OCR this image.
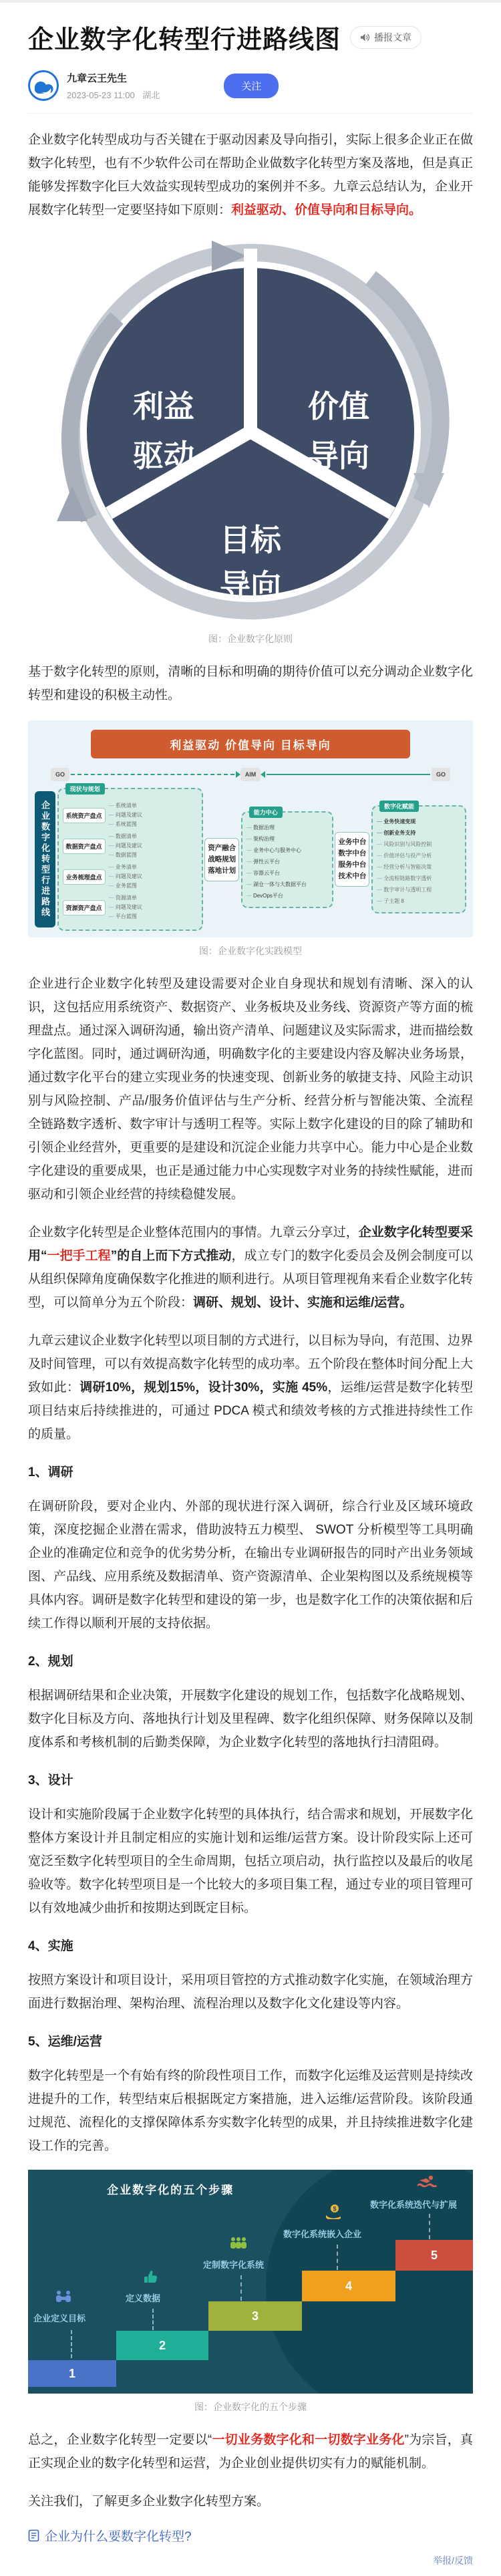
企业数字化转型行进路线图	播报文章
九章云王先生
2023-05-23 11:00 湖北
关注

企业数字化转型成功与否关键在于驱动因素及导向指引，实际上很多企业正在做数字化转型，也有不少软件公司在帮助企业做数字化转型方案及落地，但是真正能够发挥数字化巨大效益实现转型成功的案例并不多。九章云总结认为，企业开展数字化转型一定要坚持如下原则：利益驱动、价值导向和目标导向。

利益
驱动
价值
导向
目标
导向
图：企业数字化原则

基于数字化转型的原则，清晰的目标和明确的期待价值可以充分调动企业数字化转型和建设的积极主动性。

利益驱动 价值导向 目标导向
GO	AIM	GO
企业数字化转型行进路线
现状与规划
系统资产盘点
— 系统清单
— 问题及建议
— 系统蓝图
数据资产盘点
— 数据清单
— 问题及建议
— 数据蓝图
业务梳理盘点
— 业务清单
— 问题及建议
— 业务蓝图
资源资产盘点
— 资源清单
— 问题及建议
— 平台蓝图
资产融合
战略规划
落地计划
能力中心
— 数据治理
— 架构治理
— 业务中心与服务中心
— 弹性云平台
— 容器云平台
— 湖仓一体与大数据平台
— DevOps平台
业务中台
数字中台
服务中台
技术中台
数字化赋能
— 业务快速变现
— 创新业务支持
— 风险识别与风险控制
— 价值评估与投产分析
— 经营分析与智能决策
— 全流程链路数字透析
— 数字审计与透明工程
— 子主题 8
图：企业数字化实践模型

企业进行企业数字化转型及建设需要对企业自身现状和规划有清晰、深入的认识，这包括应用系统资产、数据资产、业务板块及业务线、资源资产等方面的梳理盘点。通过深入调研沟通，输出资产清单、问题建议及实际需求，进而描绘数字化蓝图。同时，通过调研沟通，明确数字化的主要建设内容及解决业务场景，通过数字化平台的建立实现业务的快速变现、创新业务的敏捷支持、风险主动识别与风险控制、产品/服务价值评估与生产分析、经营分析与智能决策、全流程全链路数字透析、数字审计与透明工程等。实际上数字化建设的目的除了辅助和引领企业经营外，更重要的是建设和沉淀企业能力共享中心。能力中心是企业数字化建设的重要成果，也正是通过能力中心实现数字对业务的持续性赋能，进而驱动和引领企业经营的持续稳健发展。

企业数字化转型是企业整体范围内的事情。九章云分享过，企业数字化转型要采用“一把手工程”的自上而下方式推动，成立专门的数字化委员会及例会制度可以从组织保障角度确保数字化推进的顺利进行。从项目管理视角来看企业数字化转型，可以简单分为五个阶段：调研、规划、设计、实施和运维/运营。

九章云建议企业数字化转型以项目制的方式进行，以目标为导向，有范围、边界及时间管理，可以有效提高数字化转型的成功率。五个阶段在整体时间分配上大致如此：调研10%，规划15%，设计30%，实施 45%，运维/运营是数字化转型项目结束后持续推进的，可通过 PDCA 模式和绩效考核的方式推进持续性工作的质量。

1、调研

在调研阶段，要对企业内、外部的现状进行深入调研，综合行业及区域环境政策，深度挖掘企业潜在需求，借助波特五力模型、 SWOT 分析模型等工具明确企业的准确定位和竞争的优劣势分析，在输出专业调研报告的同时产出业务领域图、产品线、应用系统及数据清单、资产资源清单、企业架构图以及系统规模等具体内容。调研是数字化转型和建设的第一步，也是数字化工作的决策依据和后续工作得以顺利开展的支持依据。

2、规划

根据调研结果和企业决策，开展数字化建设的规划工作，包括数字化战略规划、数字化目标及方向、落地执行计划及里程碑、数字化组织保障、财务保障以及制度体系和考核机制的后勤类保障，为企业数字化转型的落地执行扫清阻碍。

3、设计

设计和实施阶段属于企业数字化转型的具体执行，结合需求和规划，开展数字化整体方案设计并且制定相应的实施计划和运维/运营方案。设计阶段实际上还可宽泛至数字化转型项目的全生命周期，包括立项启动，执行监控以及最后的收尾验收等。数字化转型项目是一个比较大的多项目集工程，通过专业的项目管理可以有效地减少曲折和按期达到既定目标。

4、实施

按照方案设计和项目设计，采用项目管控的方式推动数字化实施，在领域治理方面进行数据治理、架构治理、流程治理以及数字化文化建设等内容。

5、运维/运营

数字化转型是一个有始有终的阶段性项目工作，而数字化运维及运营则是持续改进提升的工作，转型结束后根据既定方案措施，进入运维/运营阶段。该阶段通过规范、流程化的支撑保障体系夯实数字化转型的成果，并且持续推进数字化建设工作的完善。

企业数字化的五个步骤
企业定义目标
定义数据
定制数字化系统
$
数字化系统嵌入企业
数字化系统迭代与扩展
1
2
3
4
5
图：企业数字化的五个步骤

总之，企业数字化转型一定要以“一切业务数字化和一切数字业务化”为宗旨，真正实现企业的数字化转型和运营，为企业创业提供切实有力的赋能机制。

关注我们，了解更多企业数字化转型方案。

企业为什么要数字化转型?
举报/反馈
